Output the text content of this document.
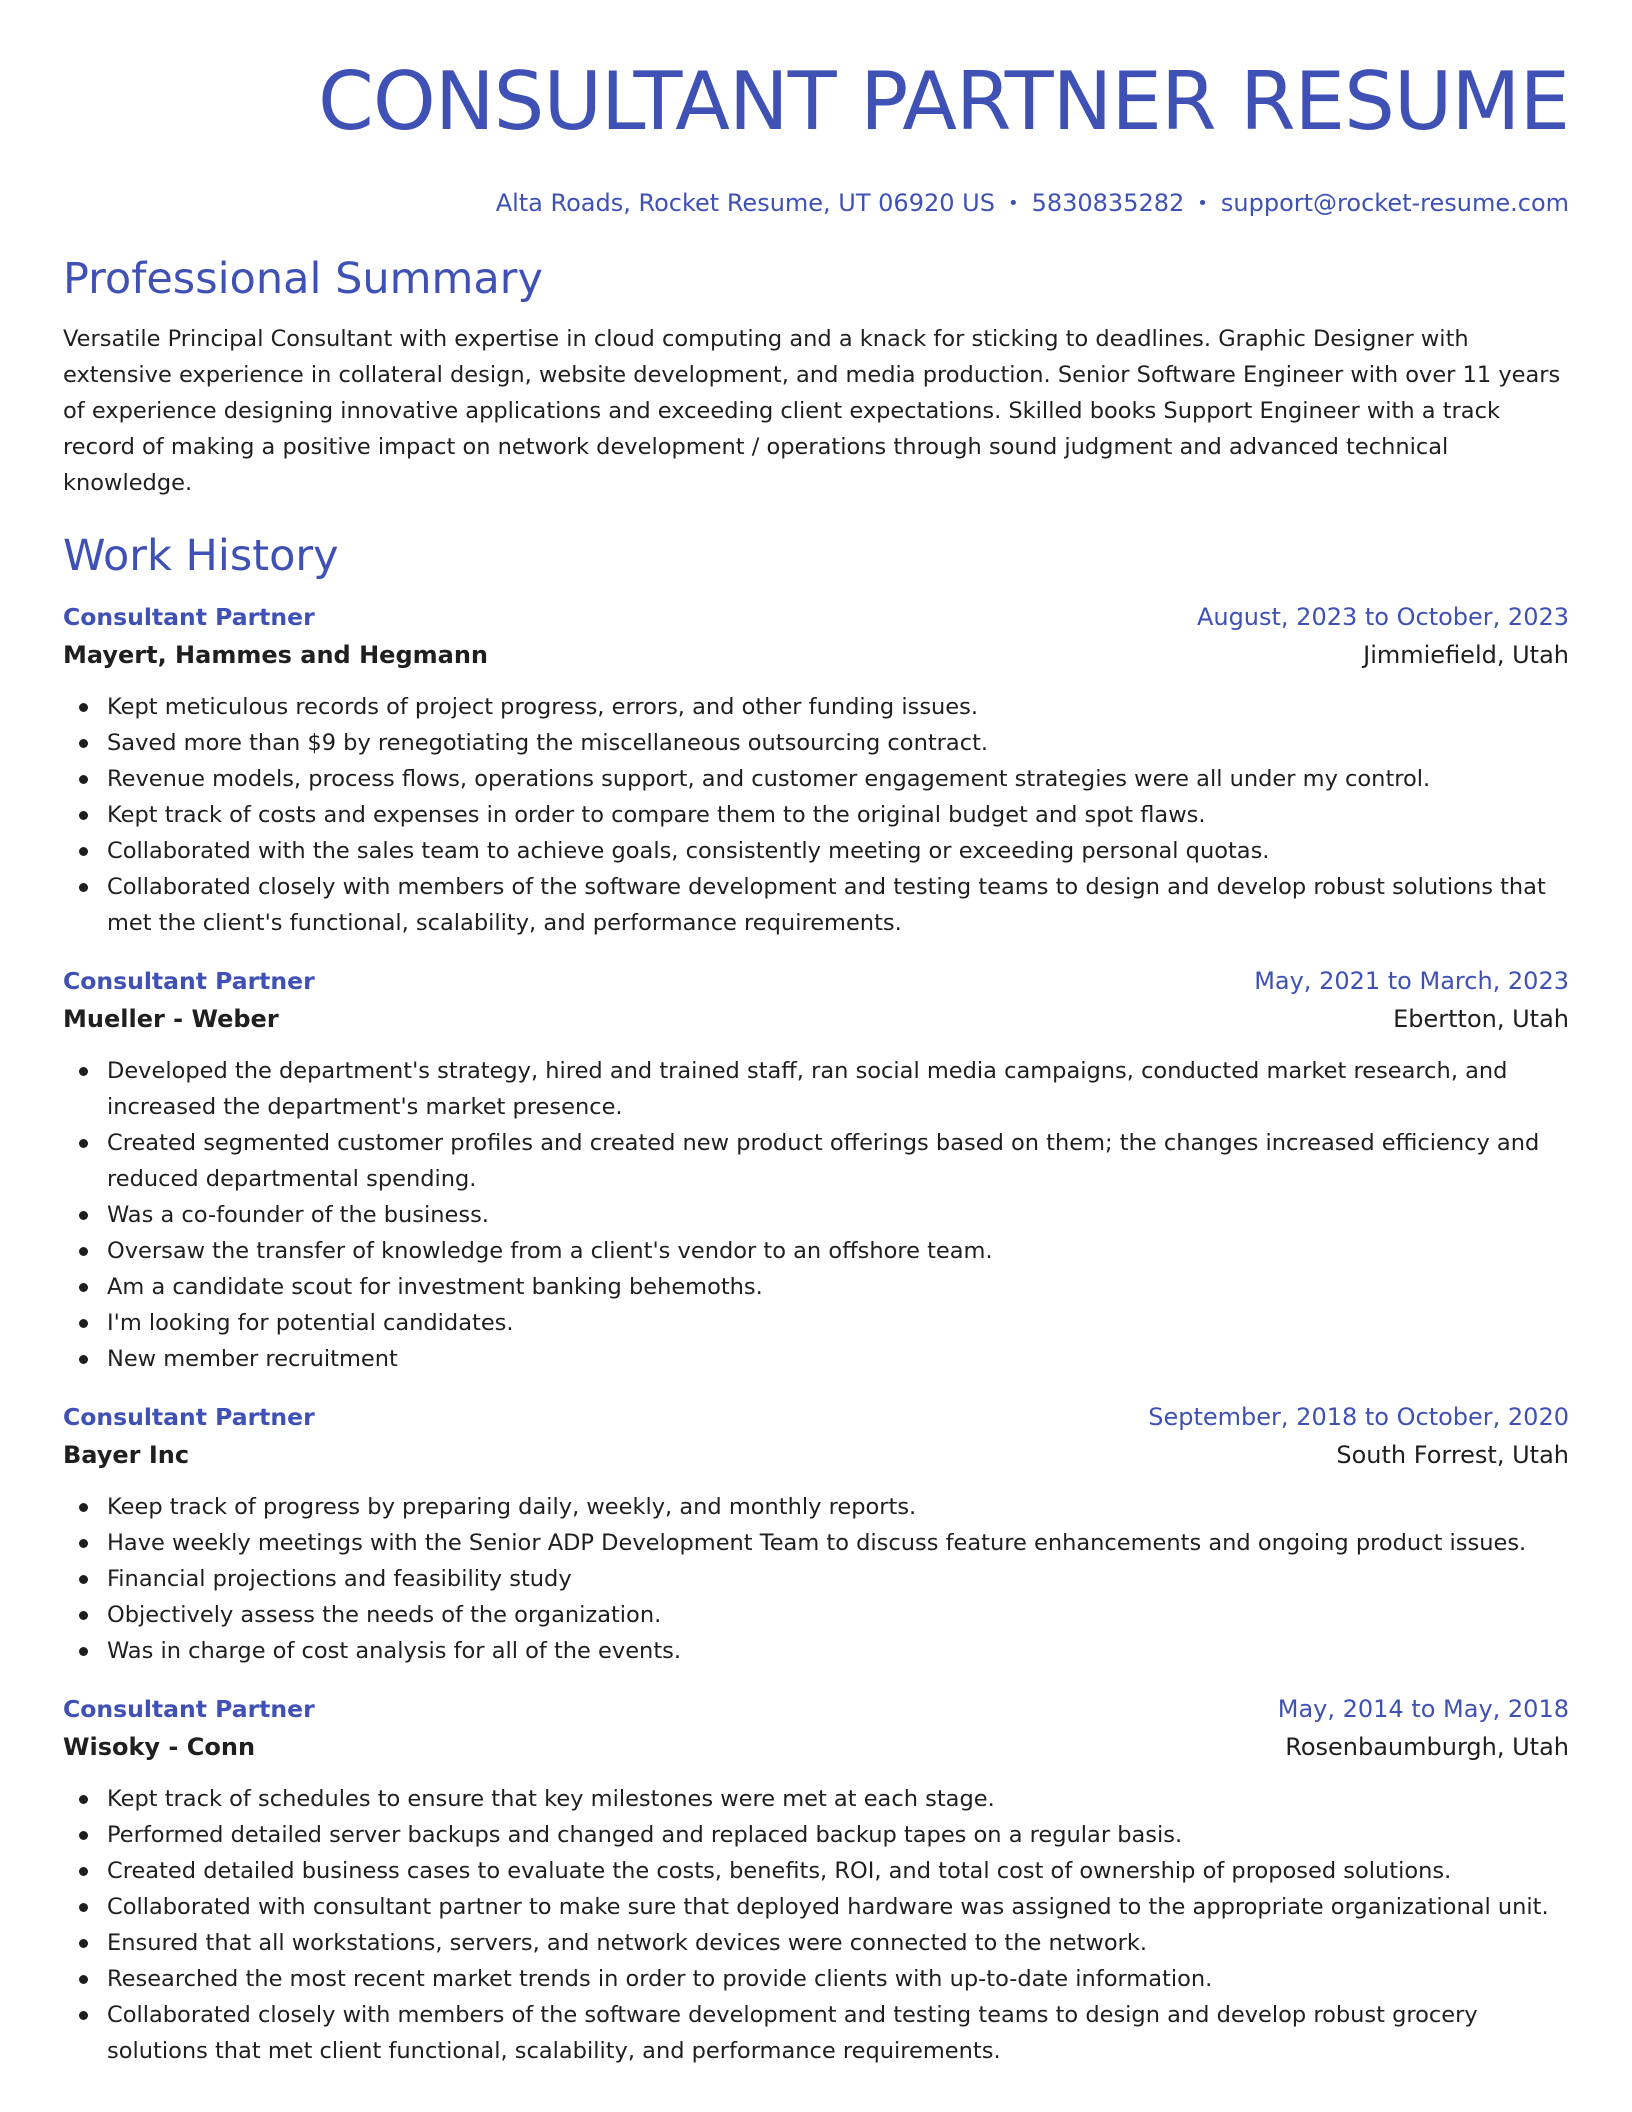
CONSULTANT PARTNER RESUME
Alta Roads, Rocket Resume, UT 06920 US • 5830835282 • support@rocket-resume.com
Professional Summary

Versatile Principal Consultant with expertise in cloud computing and a knack for sticking to deadlines. Graphic Designer with extensive experience in collateral design, website development, and media production. Senior Software Engineer with over 11 years of experience designing innovative applications and exceeding client expectations. Skilled books Support Engineer with a track record of making a positive impact on network development / operations through sound judgment and advanced technical knowledge.

Work History
Consultant Partner	August, 2023 to October, 2023
Mayert, Hammes and Hegmann	Jimmiefield, Utah
Kept meticulous records of project progress, errors, and other funding issues.
Saved more than $9 by renegotiating the miscellaneous outsourcing contract.
Revenue models, process flows, operations support, and customer engagement strategies were all under my control.
Kept track of costs and expenses in order to compare them to the original budget and spot flaws.
Collaborated with the sales team to achieve goals, consistently meeting or exceeding personal quotas.
Collaborated closely with members of the software development and testing teams to design and develop robust solutions that met the client's functional, scalability, and performance requirements.
Consultant Partner	May, 2021 to March, 2023
Mueller - Weber	Ebertton, Utah
Developed the department's strategy, hired and trained staff, ran social media campaigns, conducted market research, and increased the department's market presence.
Created segmented customer profiles and created new product offerings based on them; the changes increased efficiency and reduced departmental spending.
Was a co-founder of the business.
Oversaw the transfer of knowledge from a client's vendor to an offshore team.
Am a candidate scout for investment banking behemoths.
I'm looking for potential candidates.
New member recruitment
Consultant Partner	September, 2018 to October, 2020
Bayer Inc	South Forrest, Utah
Keep track of progress by preparing daily, weekly, and monthly reports.
Have weekly meetings with the Senior ADP Development Team to discuss feature enhancements and ongoing product issues.
Financial projections and feasibility study
Objectively assess the needs of the organization.
Was in charge of cost analysis for all of the events.
Consultant Partner	May, 2014 to May, 2018
Wisoky - Conn	Rosenbaumburgh, Utah
Kept track of schedules to ensure that key milestones were met at each stage.
Performed detailed server backups and changed and replaced backup tapes on a regular basis.
Created detailed business cases to evaluate the costs, benefits, ROI, and total cost of ownership of proposed solutions.
Collaborated with consultant partner to make sure that deployed hardware was assigned to the appropriate organizational unit.
Ensured that all workstations, servers, and network devices were connected to the network.
Researched the most recent market trends in order to provide clients with up-to-date information.
Collaborated closely with members of the software development and testing teams to design and develop robust grocery solutions that met client functional, scalability, and performance requirements.
